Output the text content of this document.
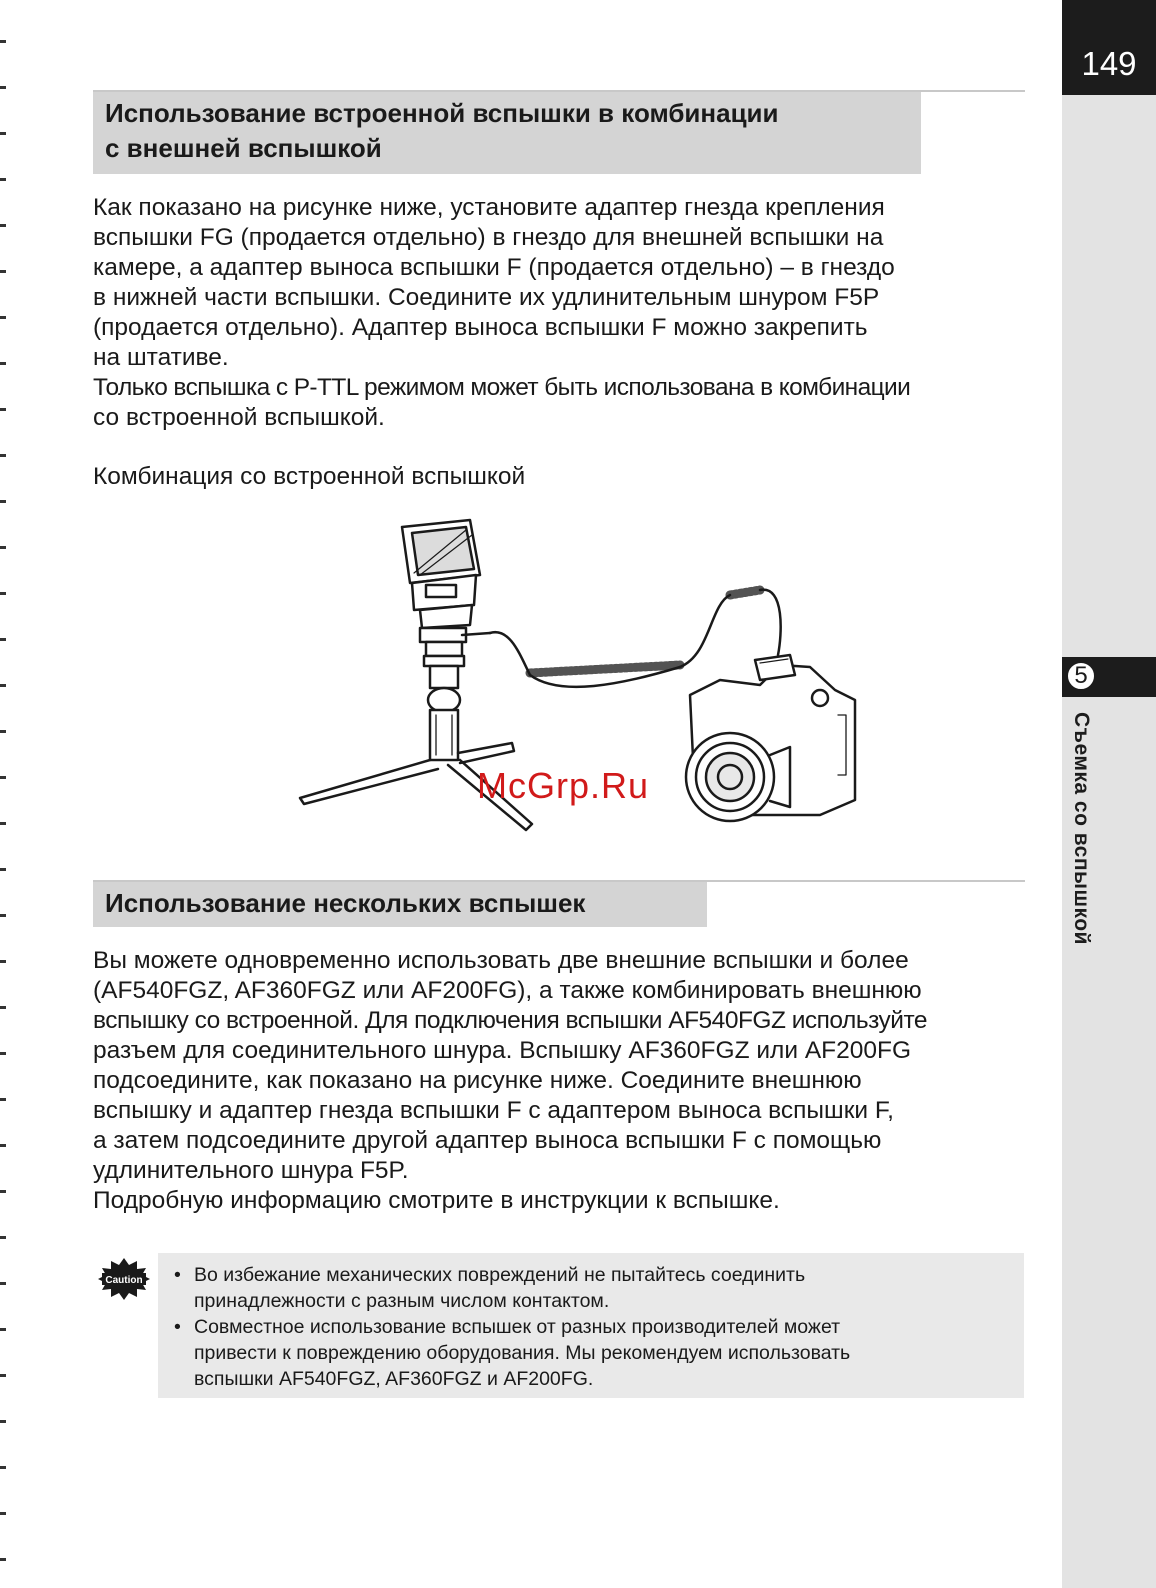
149
5
Съемка со вспышкой
Использование встроенной вспышки в комбинации
с внешней вспышкой

Как показано на рисунке ниже, установите адаптер гнезда крепления

вспышки FG (продается отдельно) в гнездо для внешней вспышки на

камере, а адаптер выноса вспышки F (продается отдельно) – в гнездо

в нижней части вспышки. Соедините их удлинительным шнуром F5P

(продается отдельно). Адаптер выноса вспышки F можно закрепить

на штативе.

Только вспышка с P-TTL режимом может быть использована в комбинации

со встроенной вспышкой.

Комбинация со встроенной вспышкой
McGrp.Ru
Использование нескольких вспышек

Вы можете одновременно использовать две внешние вспышки и более

(AF540FGZ, AF360FGZ или AF200FG), а также комбинировать внешнюю

вспышку со встроенной. Для подключения вспышки AF540FGZ используйте

разъем для соединительного шнура. Вспышку AF360FGZ или AF200FG

подсоедините, как показано на рисунке ниже. Соедините внешнюю

вспышку и адаптер гнезда вспышки F с адаптером выноса вспышки F,

а затем подсоедините другой адаптер выноса вспышки F с помощью

удлинительного шнура F5P.

Подробную информацию смотрите в инструкции к вспышке.

Caution
•	Во избежание механических повреждений не пытайтесь соединить
принадлежности с разным числом контактом.
• Совместное использование вспышек от разных производителей может
привести к повреждению оборудования. Мы рекомендуем использовать
вспышки AF540FGZ, AF360FGZ и AF200FG.
